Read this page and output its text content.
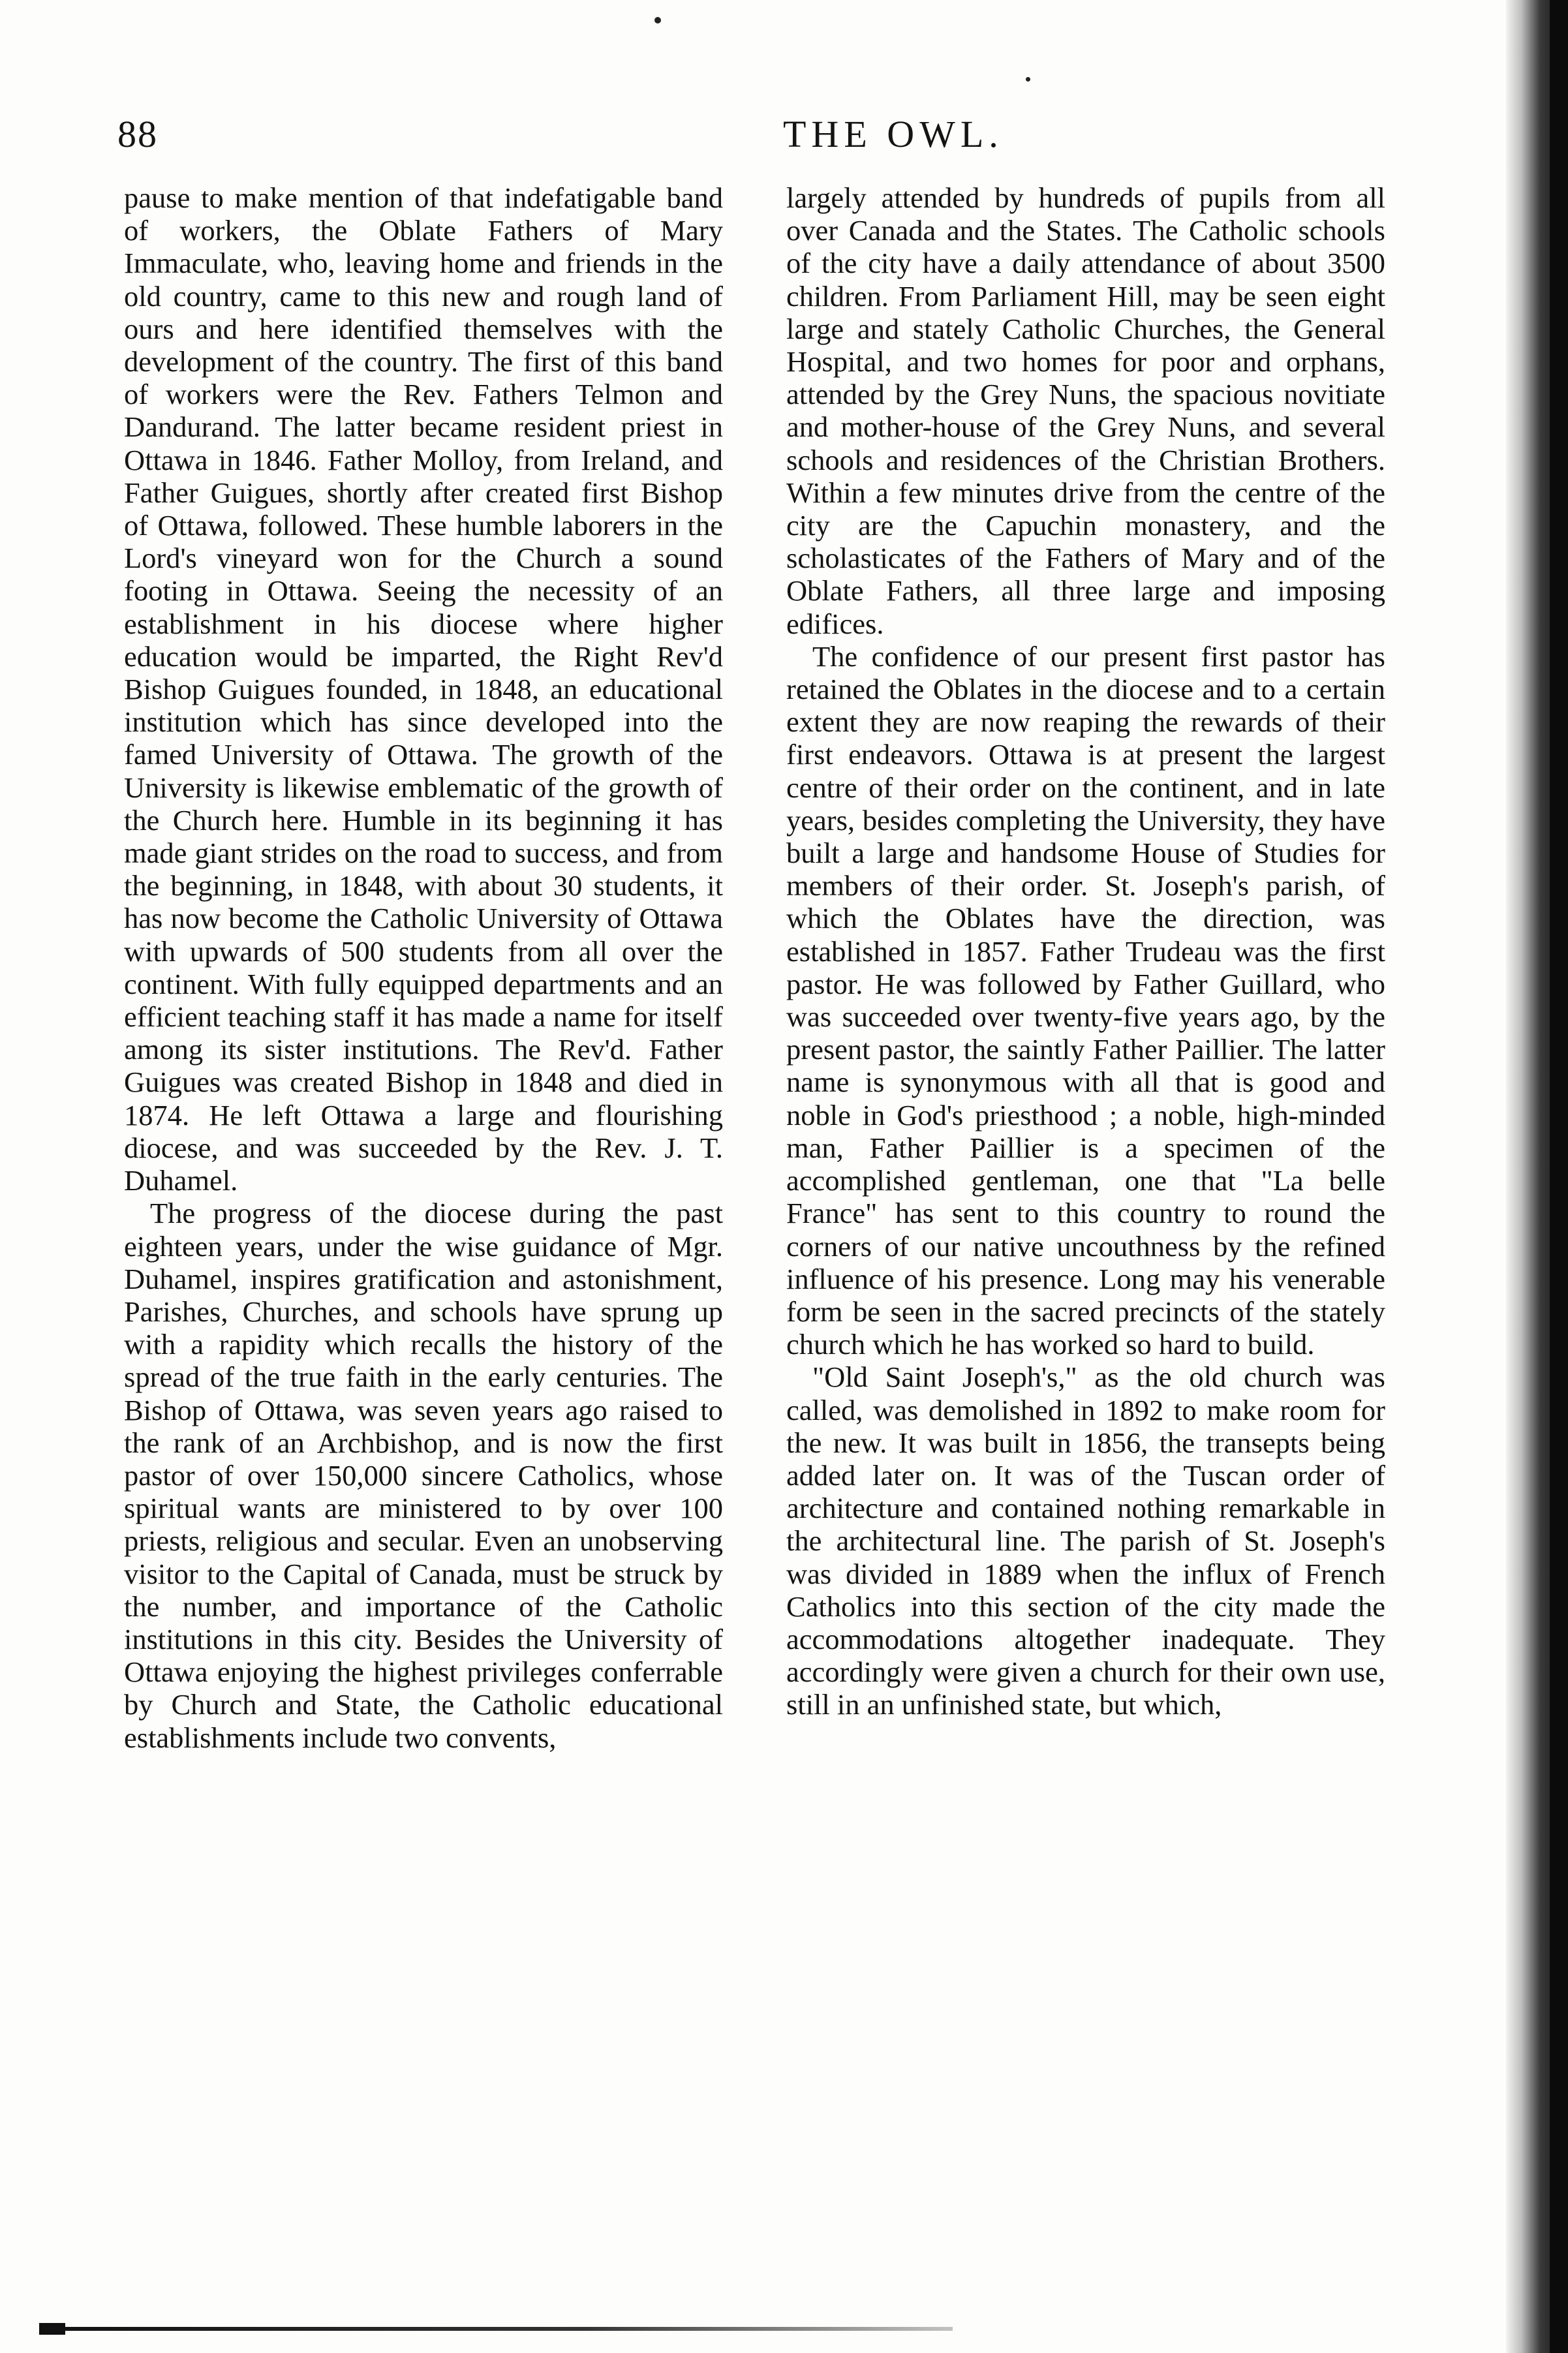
88	THE OWL.

pause to make mention of that indefatigable band of workers, the Oblate Fathers of Mary Immaculate, who, leaving home and friends in the old country, came to this new and rough land of ours and here identified themselves with the development of the country. The first of this band of workers were the Rev. Fathers Telmon and Dandurand. The latter became resident priest in Ottawa in 1846. Father Molloy, from Ireland, and Father Guigues, shortly after created first Bishop of Ottawa, followed. These humble laborers in the Lord's vineyard won for the Church a sound footing in Ottawa. Seeing the necessity of an establishment in his diocese where higher education would be imparted, the Right Rev'd Bishop Guigues founded, in 1848, an educational institution which has since developed into the famed University of Ottawa. The growth of the University is likewise emblematic of the growth of the Church here. Humble in its beginning it has made giant strides on the road to success, and from the beginning, in 1848, with about 30 students, it has now become the Catholic University of Ottawa with upwards of 500 students from all over the continent. With fully equipped departments and an efficient teaching staff it has made a name for itself among its sister institutions. The Rev'd. Father Guigues was created Bishop in 1848 and died in 1874. He left Ottawa a large and flourishing diocese, and was succeeded by the Rev. J. T. Duhamel.

The progress of the diocese during the past eighteen years, under the wise guidance of Mgr. Duhamel, inspires gratification and astonishment, Parishes, Churches, and schools have sprung up with a rapidity which recalls the history of the spread of the true faith in the early centuries. The Bishop of Ottawa, was seven years ago raised to the rank of an Archbishop, and is now the first pastor of over 150,000 sincere Catholics, whose spiritual wants are ministered to by over 100 priests, religious and secular. Even an unobserving visitor to the Capital of Canada, must be struck by the number, and importance of the Catholic institutions in this city. Besides the University of Ottawa enjoying the highest privileges conferrable by Church and State, the Catholic educational establishments include two convents,

largely attended by hundreds of pupils from all over Canada and the States. The Catholic schools of the city have a daily attendance of about 3500 children. From Parliament Hill, may be seen eight large and stately Catholic Churches, the General Hospital, and two homes for poor and orphans, attended by the Grey Nuns, the spacious novitiate and mother-house of the Grey Nuns, and several schools and residences of the Christian Brothers. Within a few minutes drive from the centre of the city are the Capuchin monastery, and the scholasticates of the Fathers of Mary and of the Oblate Fathers, all three large and imposing edifices.

The confidence of our present first pastor has retained the Oblates in the diocese and to a certain extent they are now reaping the rewards of their first endeavors. Ottawa is at present the largest centre of their order on the continent, and in late years, besides completing the University, they have built a large and handsome House of Studies for members of their order. St. Joseph's parish, of which the Oblates have the direction, was established in 1857. Father Trudeau was the first pastor. He was followed by Father Guillard, who was succeeded over twenty-five years ago, by the present pastor, the saintly Father Paillier. The latter name is synonymous with all that is good and noble in God's priesthood ; a noble, high-minded man, Father Paillier is a specimen of the accomplished gentleman, one that "La belle France" has sent to this country to round the corners of our native uncouthness by the refined influence of his presence. Long may his venerable form be seen in the sacred precincts of the stately church which he has worked so hard to build.

"Old Saint Joseph's," as the old church was called, was demolished in 1892 to make room for the new. It was built in 1856, the transepts being added later on. It was of the Tuscan order of architecture and contained nothing remarkable in the architectural line. The parish of St. Joseph's was divided in 1889 when the influx of French Catholics into this section of the city made the accommodations altogether inadequate. They accordingly were given a church for their own use, still in an unfinished state, but which,
